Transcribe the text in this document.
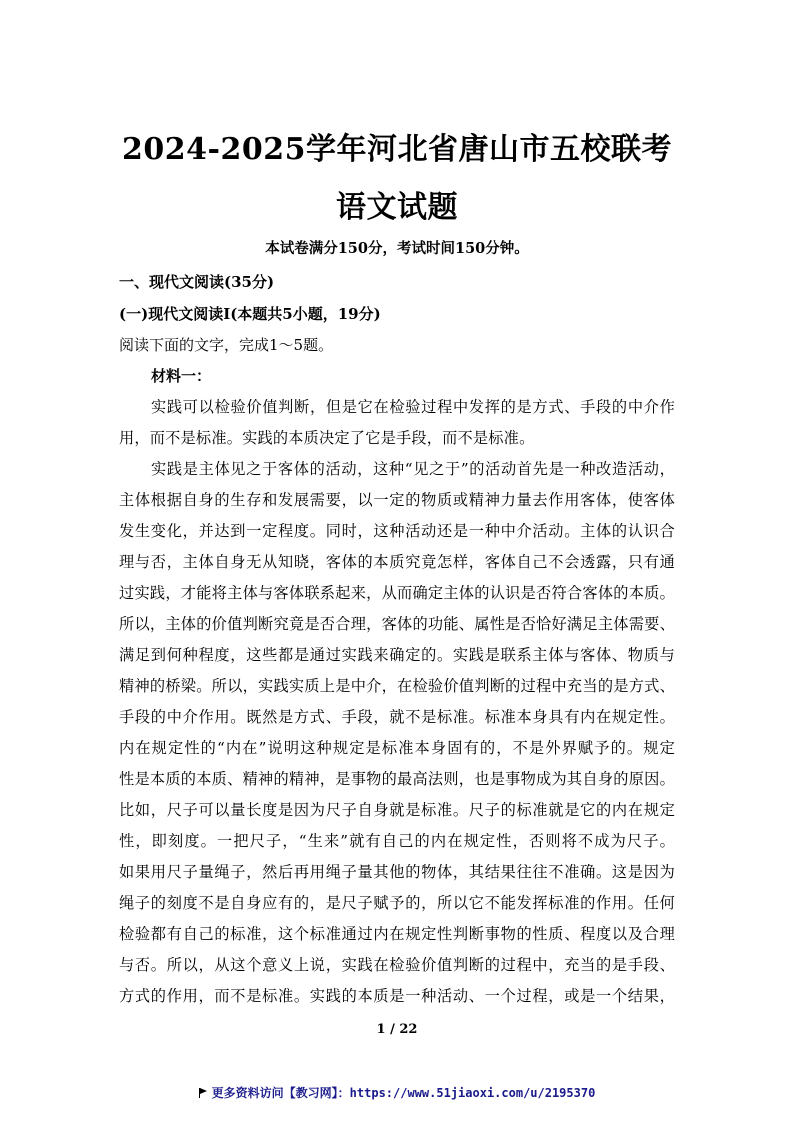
2024-2025学年河北省唐山市五校联考
语文试题
本试卷满分150分，考试时间150分钟。
一、现代文阅读(35分)
(一)现代文阅读Ⅰ(本题共5小题，19分)
阅读下面的文字，完成1～5题。
材料一：
实践可以检验价值判断，但是它在检验过程中发挥的是方式、手段的中介作
用，而不是标准。实践的本质决定了它是手段，而不是标准。
实践是主体见之于客体的活动，这种“见之于”的活动首先是一种改造活动，
主体根据自身的生存和发展需要，以一定的物质或精神力量去作用客体，使客体
发生变化，并达到一定程度。同时，这种活动还是一种中介活动。主体的认识合
理与否，主体自身无从知晓，客体的本质究竟怎样，客体自己不会透露，只有通
过实践，才能将主体与客体联系起来，从而确定主体的认识是否符合客体的本质。
所以，主体的价值判断究竟是否合理，客体的功能、属性是否恰好满足主体需要、
满足到何种程度，这些都是通过实践来确定的。实践是联系主体与客体、物质与
精神的桥梁。所以，实践实质上是中介，在检验价值判断的过程中充当的是方式、
手段的中介作用。既然是方式、手段，就不是标准。标准本身具有内在规定性。
内在规定性的“内在”说明这种规定是标准本身固有的，不是外界赋予的。规定
性是本质的本质、精神的精神，是事物的最高法则，也是事物成为其自身的原因。
比如，尺子可以量长度是因为尺子自身就是标准。尺子的标准就是它的内在规定
性，即刻度。一把尺子，“生来”就有自己的内在规定性，否则将不成为尺子。
如果用尺子量绳子，然后再用绳子量其他的物体，其结果往往不准确。这是因为
绳子的刻度不是自身应有的，是尺子赋予的，所以它不能发挥标准的作用。任何
检验都有自己的标准，这个标准通过内在规定性判断事物的性质、程度以及合理
与否。所以，从这个意义上说，实践在检验价值判断的过程中，充当的是手段、
方式的作用，而不是标准。实践的本质是一种活动、一个过程，或是一个结果，
1 / 22
更多资料访问【教习网】：https://www.51jiaoxi.com/u/2195370
